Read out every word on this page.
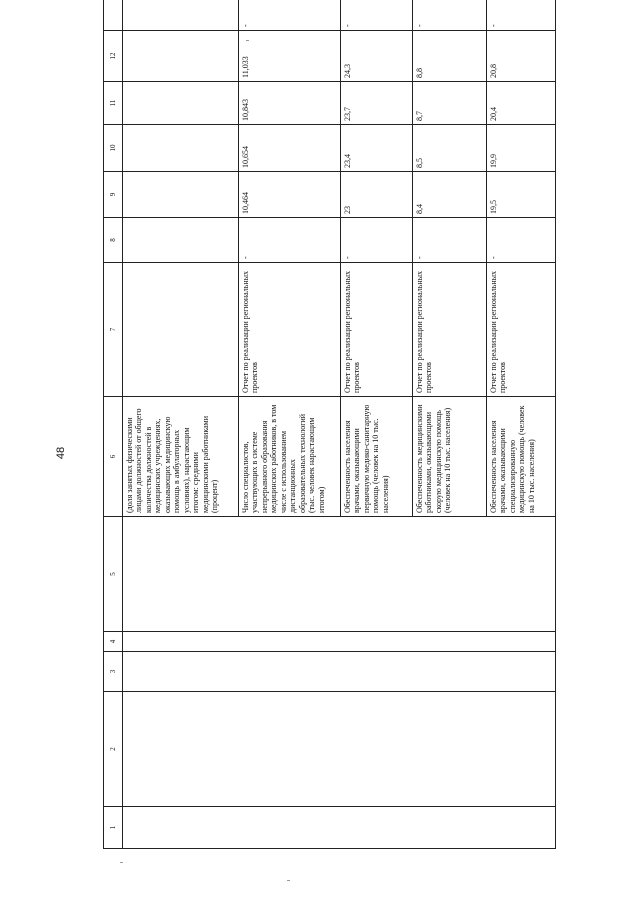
48
1	2	3	4	5	6	7	8	9	10	11	12	
					(доля занятых физическими лицами должностей от общего количества должностей в медицинских учреждениях, оказывающих медицинскую помощь в амбулаторных условиях), нарастающим итогом: средними медицинскими работниками (процент)							
					Число специалистов, участвующих в системе непрерывного образования медицинских работников, в том числе с использованием дистанционных образовательных технологий (тыс. человек нарастающим итогом)	Отчет по реализации региональных проектов	-	10,464	10,654	10,843	11,033	-
					Обеспеченность населения врачами, оказывающими первичную медико-санитарную помощь (человек на 10 тыс. населения)	Отчет по реализации региональных проектов	-	23	23,4	23,7	24,3	-
					Обеспеченность медицинскими работниками, оказывающими скорую медицинскую помощь (человек на 10 тыс. населения)	Отчет по реализации региональных проектов	-	8,4	8,5	8,7	8,8	-
					Обеспеченность населения врачами, оказывающими специализированную медицинскую помощь (человек на 10 тыс. населения)	Отчет по реализации региональных проектов	-	19,5	19,9	20,4	20,8	-
